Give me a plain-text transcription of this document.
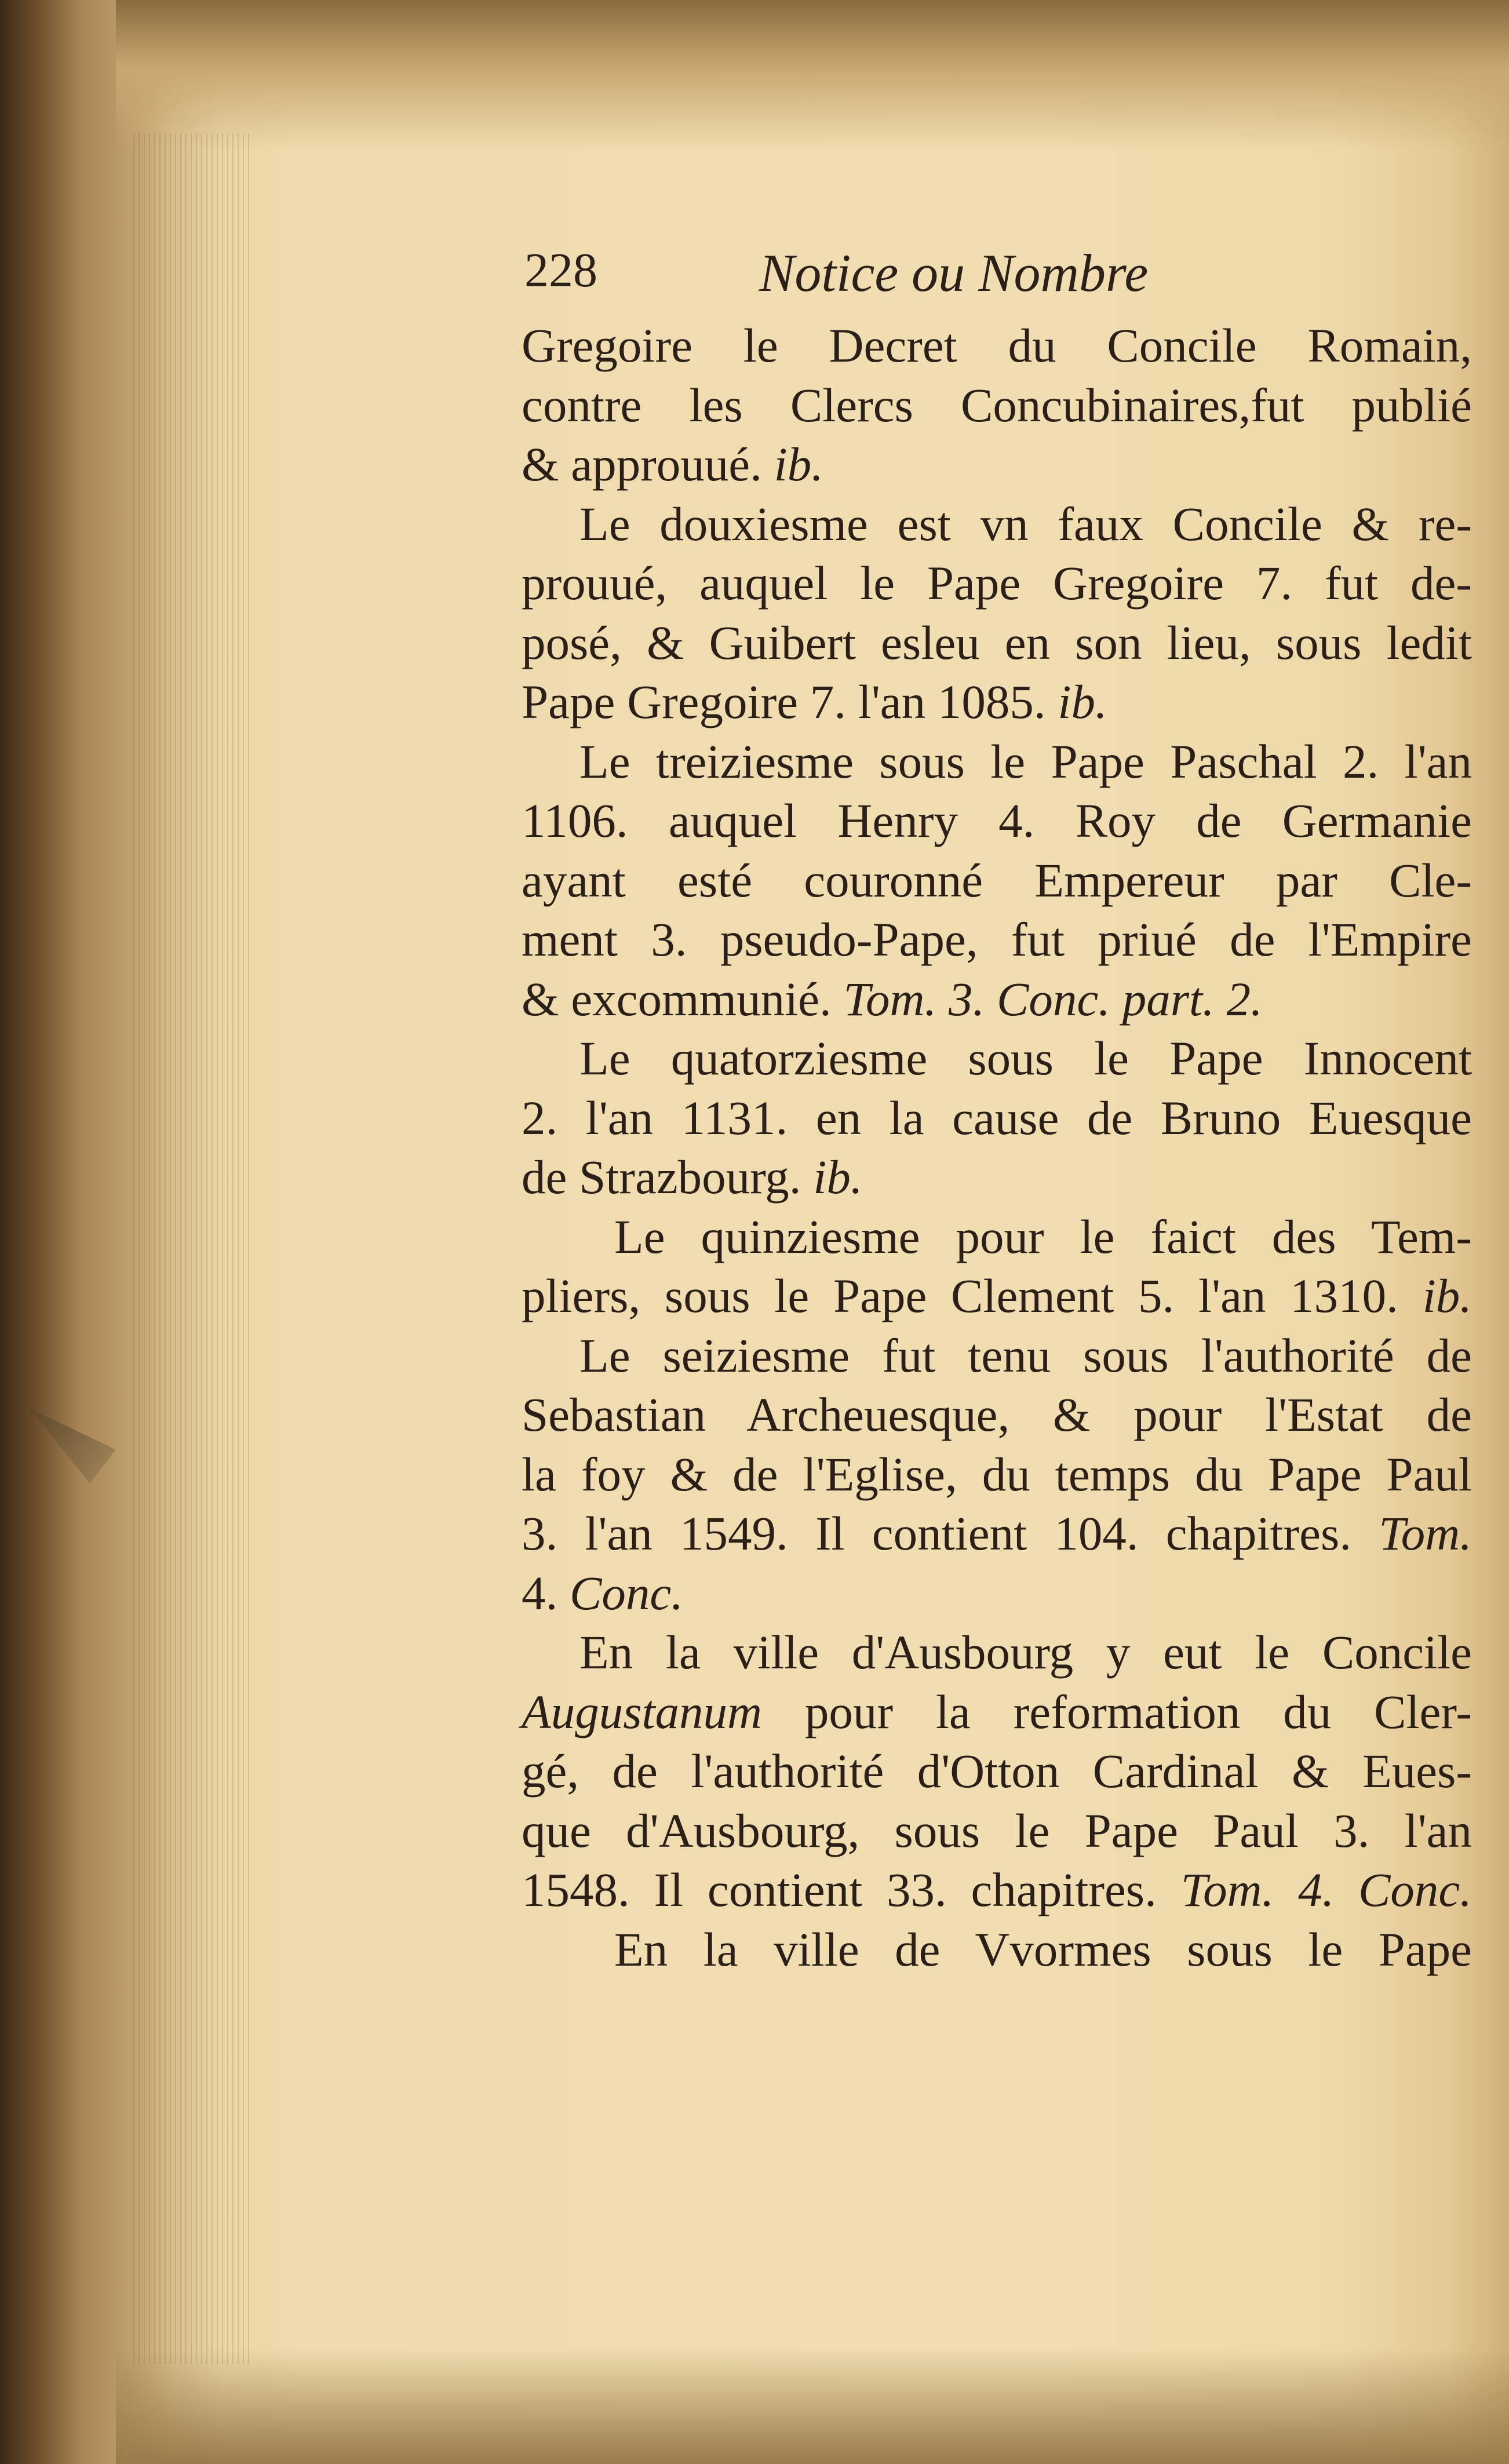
228	Notice ou Nombre
Gregoire le Decret du Concile Romain,
contre les Clercs Concubinaires,fut publié
& approuué. ib.
Le douxiesme est vn faux Concile & re-
prouué, auquel le Pape Gregoire 7. fut de-
posé, & Guibert esleu en son lieu, sous ledit
Pape Gregoire 7. l'an 1085. ib.
Le treiziesme sous le Pape Paschal 2. l'an
1106. auquel Henry 4. Roy de Germanie
ayant esté couronné Empereur par Cle-
ment 3. pseudo-Pape, fut priué de l'Empire
& excommunié. Tom. 3. Conc. part. 2.
Le quatorziesme sous le Pape Innocent
2. l'an 1131. en la cause de Bruno Euesque
de Strazbourg. ib.
Le quinziesme pour le faict des Tem-
pliers, sous le Pape Clement 5. l'an 1310. ib.
Le seiziesme fut tenu sous l'authorité de
Sebastian Archeuesque, & pour l'Estat de
la foy & de l'Eglise, du temps du Pape Paul
3. l'an 1549. Il contient 104. chapitres. Tom.
4. Conc.
En la ville d'Ausbourg y eut le Concile
Augustanum pour la reformation du Cler-
gé, de l'authorité d'Otton Cardinal & Eues-
que d'Ausbourg, sous le Pape Paul 3. l'an
1548. Il contient 33. chapitres. Tom. 4. Conc.
En la ville de Vvormes sous le Pape
